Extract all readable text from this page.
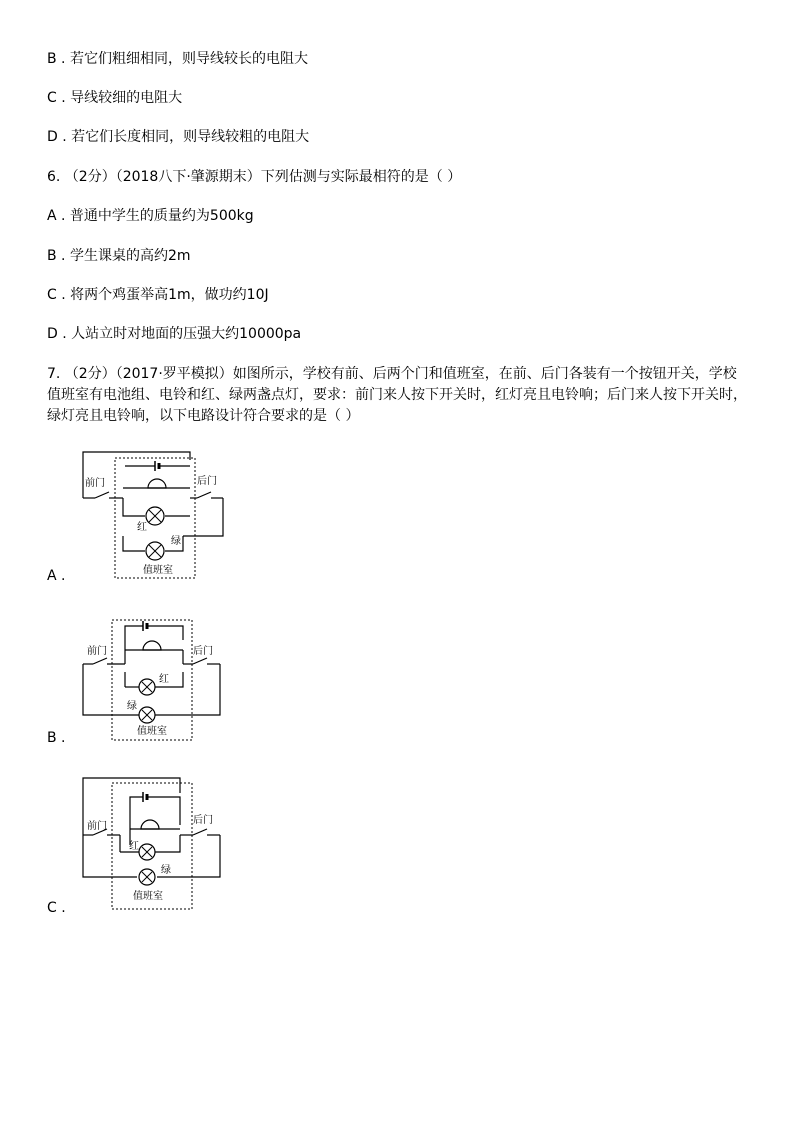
B . 若它们粗细相同，则导线较长的电阻大
C . 导线较细的电阻大
D . 若它们长度相同，则导线较粗的电阻大
6. （2分）（2018八下·肇源期末）下列估测与实际最相符的是（ ）
A . 普通中学生的质量约为500kg
B . 学生课桌的高约2m
C . 将两个鸡蛋举高1m，做功约10J
D . 人站立时对地面的压强大约10000pa
7. （2分）（2017·罗平模拟）如图所示，学校有前、后两个门和值班室，在前、后门各装有一个按钮开关，学校值班室有电池组、电铃和红、绿两盏点灯，要求：前门来人按下开关时，红灯亮且电铃响；后门来人按下开关时，绿灯亮且电铃响，以下电路设计符合要求的是（ ）
前门	后门
红
绿
值班室
A .
前门	后门
红
绿
值班室
B .
前门
后门
红
绿
值班室
C .
